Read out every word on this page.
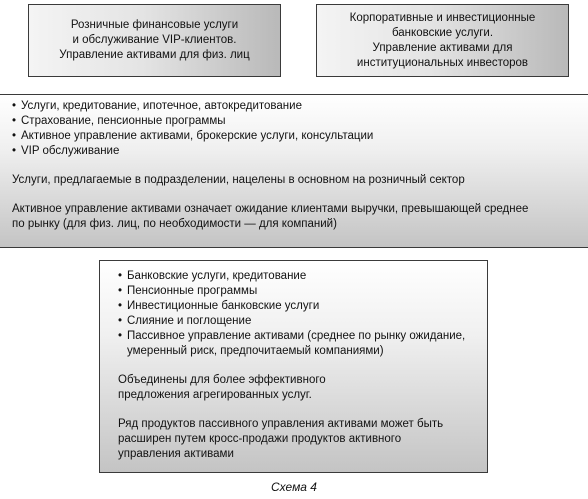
Розничные финансовые услуги
и обслуживание VIP-клиентов.
Управление активами для физ. лиц
Корпоративные и инвестиционные
банковские услуги.
Управление активами для
институциональных инвесторов
• Услуги, кредитование, ипотечное, автокредитование
• Страхование, пенсионные программы
• Активное управление активами, брокерские услуги, консультации
• VIP обслуживание

Услуги, предлагаемые в подразделении, нацелены в основном на розничный сектор

Активное управление активами означает ожидание клиентами выручки, превышающей среднее
по рынку (для физ. лиц, по необходимости — для компаний)

• Банковские услуги, кредитование
• Пенсионные программы
• Инвестиционные банковские услуги
• Слияние и поглощение
• Пассивное управление активами (среднее по рынку ожидание,
умеренный риск, предпочитаемый компаниями)

Объединены для более эффективного
предложения агрегированных услуг.

Ряд продуктов пассивного управления активами может быть
расширен путем кросс-продажи продуктов активного
управления активами

Схема 4
